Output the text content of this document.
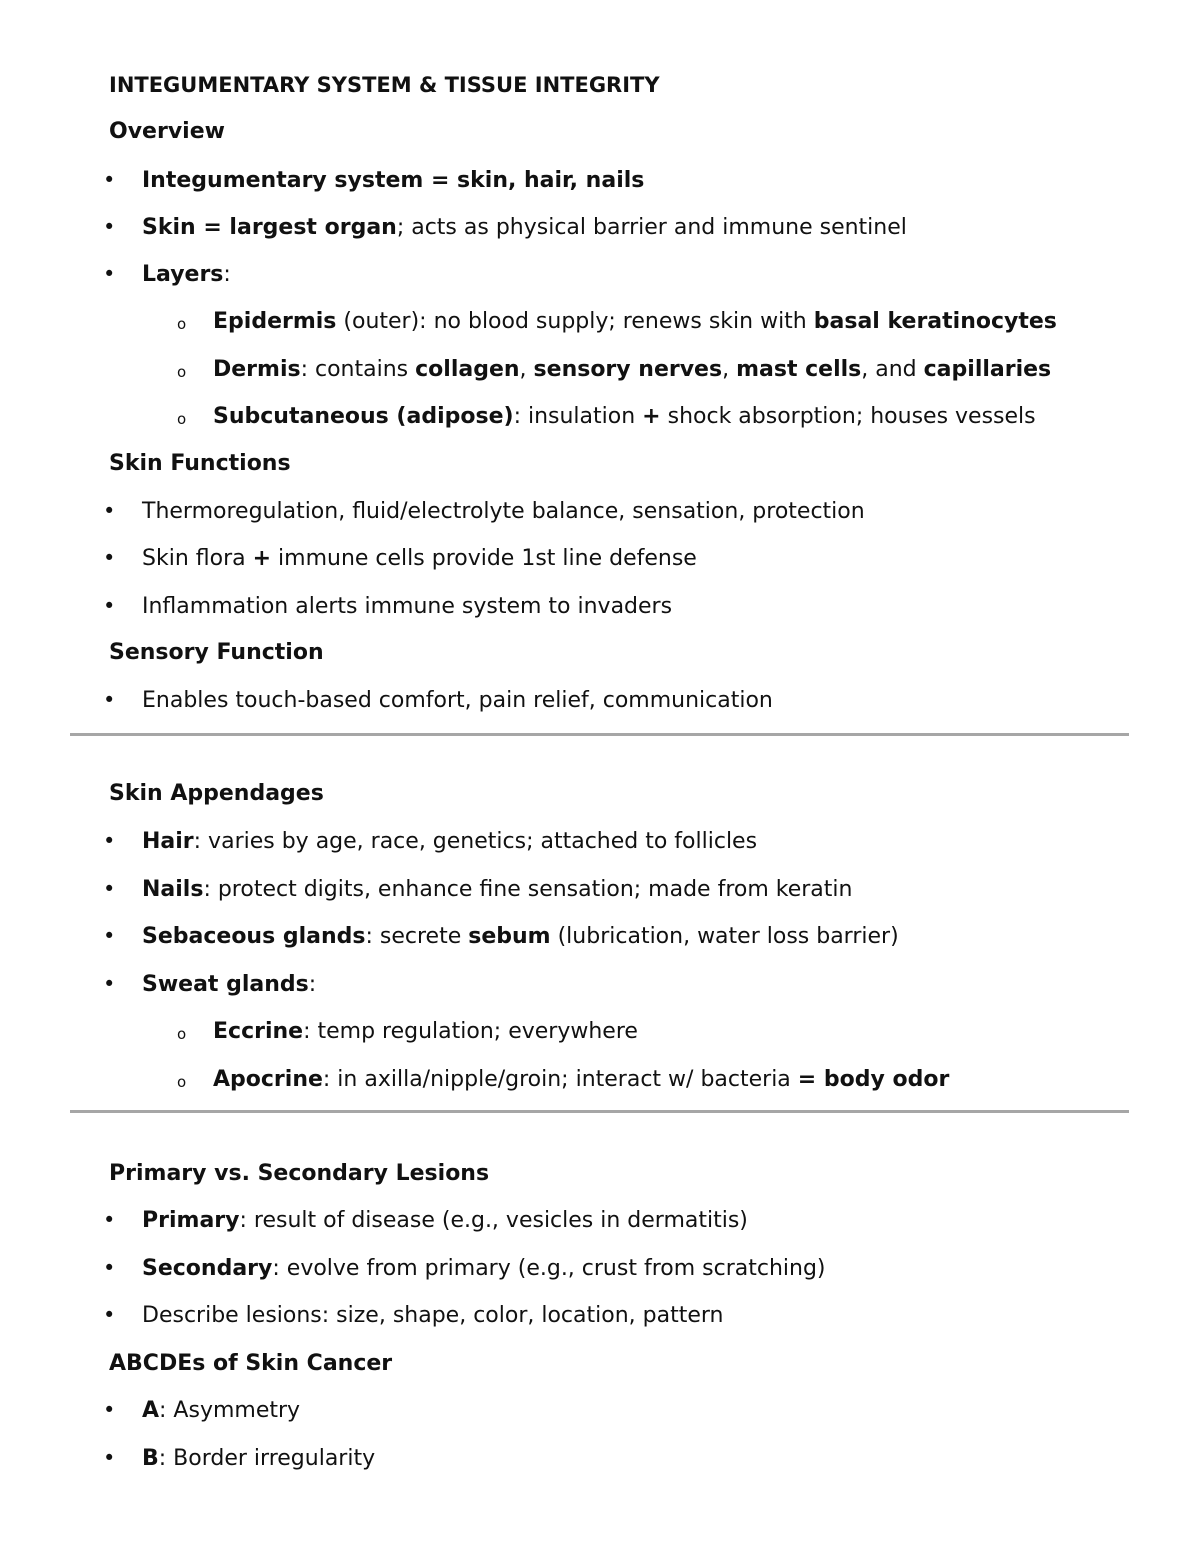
INTEGUMENTARY SYSTEM & TISSUE INTEGRITY
Overview
• Integumentary system = skin, hair, nails
• Skin = largest organ; acts as physical barrier and immune sentinel
• Layers:
o Epidermis (outer): no blood supply; renews skin with basal keratinocytes
o Dermis: contains collagen, sensory nerves, mast cells, and capillaries
o Subcutaneous (adipose): insulation + shock absorption; houses vessels
Skin Functions
• Thermoregulation, fluid/electrolyte balance, sensation, protection
• Skin flora + immune cells provide 1st line defense
• Inflammation alerts immune system to invaders
Sensory Function
• Enables touch-based comfort, pain relief, communication
Skin Appendages
• Hair: varies by age, race, genetics; attached to follicles
• Nails: protect digits, enhance fine sensation; made from keratin
• Sebaceous glands: secrete sebum (lubrication, water loss barrier)
• Sweat glands:
o Eccrine: temp regulation; everywhere
o Apocrine: in axilla/nipple/groin; interact w/ bacteria = body odor
Primary vs. Secondary Lesions
• Primary: result of disease (e.g., vesicles in dermatitis)
• Secondary: evolve from primary (e.g., crust from scratching)
• Describe lesions: size, shape, color, location, pattern
ABCDEs of Skin Cancer
• A: Asymmetry
• B: Border irregularity
